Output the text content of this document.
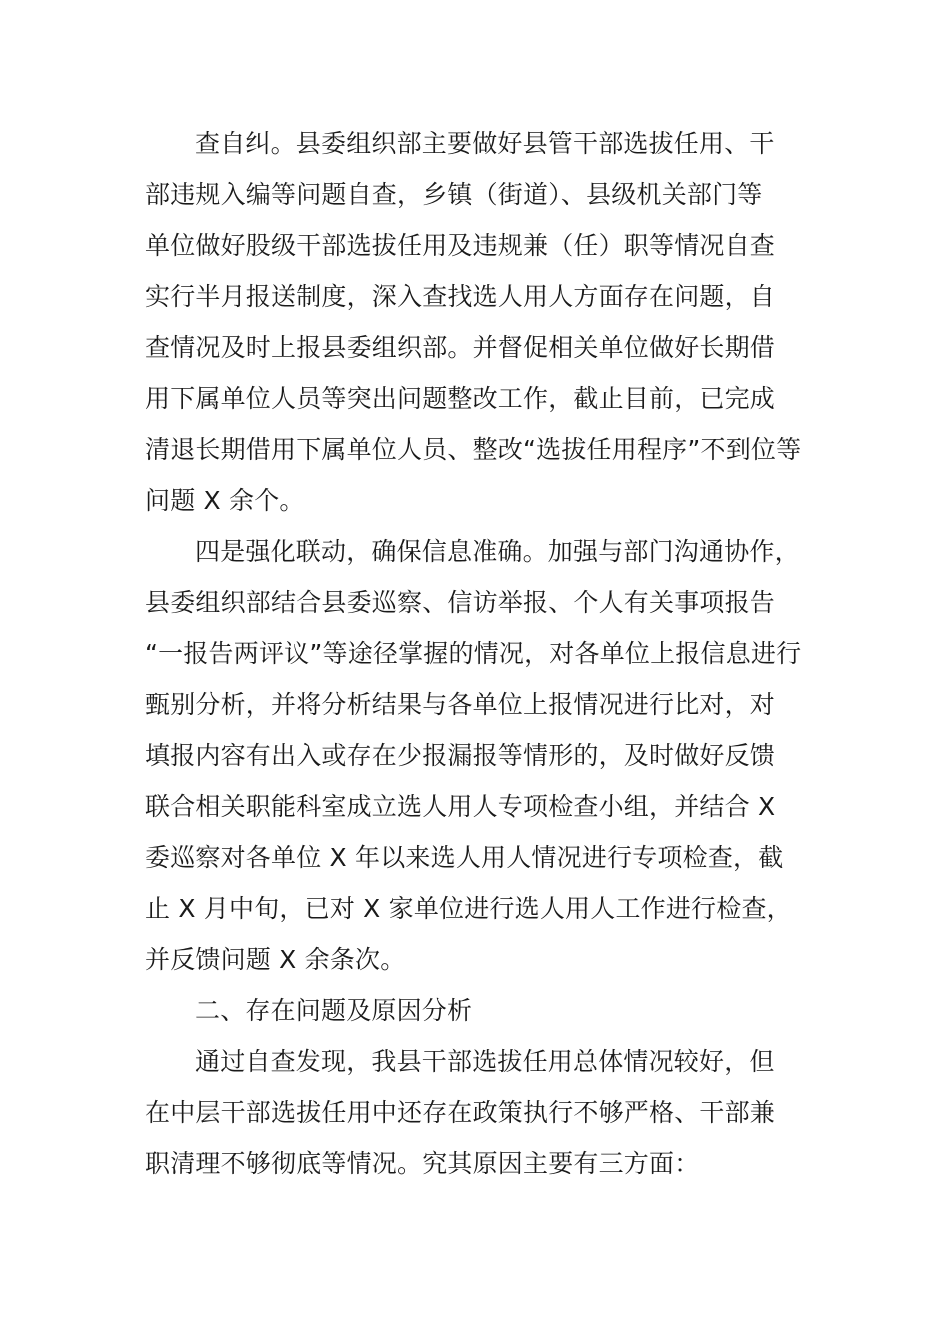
查自纠。县委组织部主要做好县管干部选拔任用、干
部违规入编等问题自查，乡镇（街道）、县级机关部门等
单位做好股级干部选拔任用及违规兼（任）职等情况自查
实行半月报送制度，深入查找选人用人方面存在问题，自
查情况及时上报县委组织部。并督促相关单位做好长期借
用下属单位人员等突出问题整改工作，截止目前，已完成
清退长期借用下属单位人员、整改“选拔任用程序”不到位等
问题 X 余个。
四是强化联动，确保信息准确。加强与部门沟通协作，
县委组织部结合县委巡察、信访举报、个人有关事项报告
“一报告两评议”等途径掌握的情况，对各单位上报信息进行
甄别分析，并将分析结果与各单位上报情况进行比对，对
填报内容有出入或存在少报漏报等情形的，及时做好反馈
联合相关职能科室成立选人用人专项检查小组，并结合 X
委巡察对各单位 X 年以来选人用人情况进行专项检查，截
止 X 月中旬，已对 X 家单位进行选人用人工作进行检查，
并反馈问题 X 余条次。
二、存在问题及原因分析
通过自查发现，我县干部选拔任用总体情况较好，但
在中层干部选拔任用中还存在政策执行不够严格、干部兼
职清理不够彻底等情况。究其原因主要有三方面：
